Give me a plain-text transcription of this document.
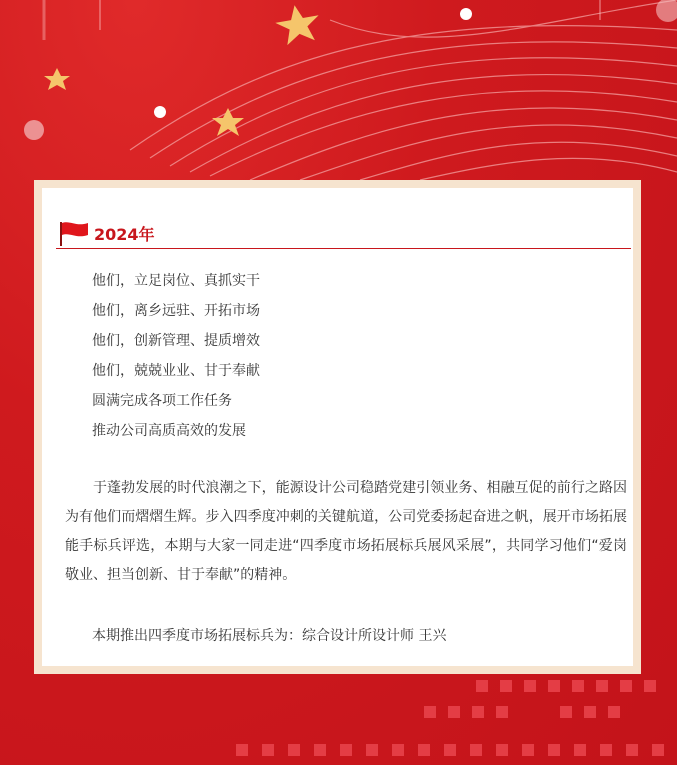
2024年
他们，立足岗位、真抓实干
他们，离乡远驻、开拓市场
他们，创新管理、提质增效
他们，兢兢业业、甘于奉献
圆满完成各项工作任务
推动公司高质高效的发展
于蓬勃发展的时代浪潮之下，能源设计公司稳踏党建引领业务、相融互促的前行之路因为有他们而熠熠生辉。步入四季度冲刺的关键航道，公司党委扬起奋进之帆，展开市场拓展能手标兵评选，本期与大家一同走进“四季度市场拓展标兵展风采展”，共同学习他们“爱岗敬业、担当创新、甘于奉献”的精神。
本期推出四季度市场拓展标兵为：综合设计所设计师 王兴
